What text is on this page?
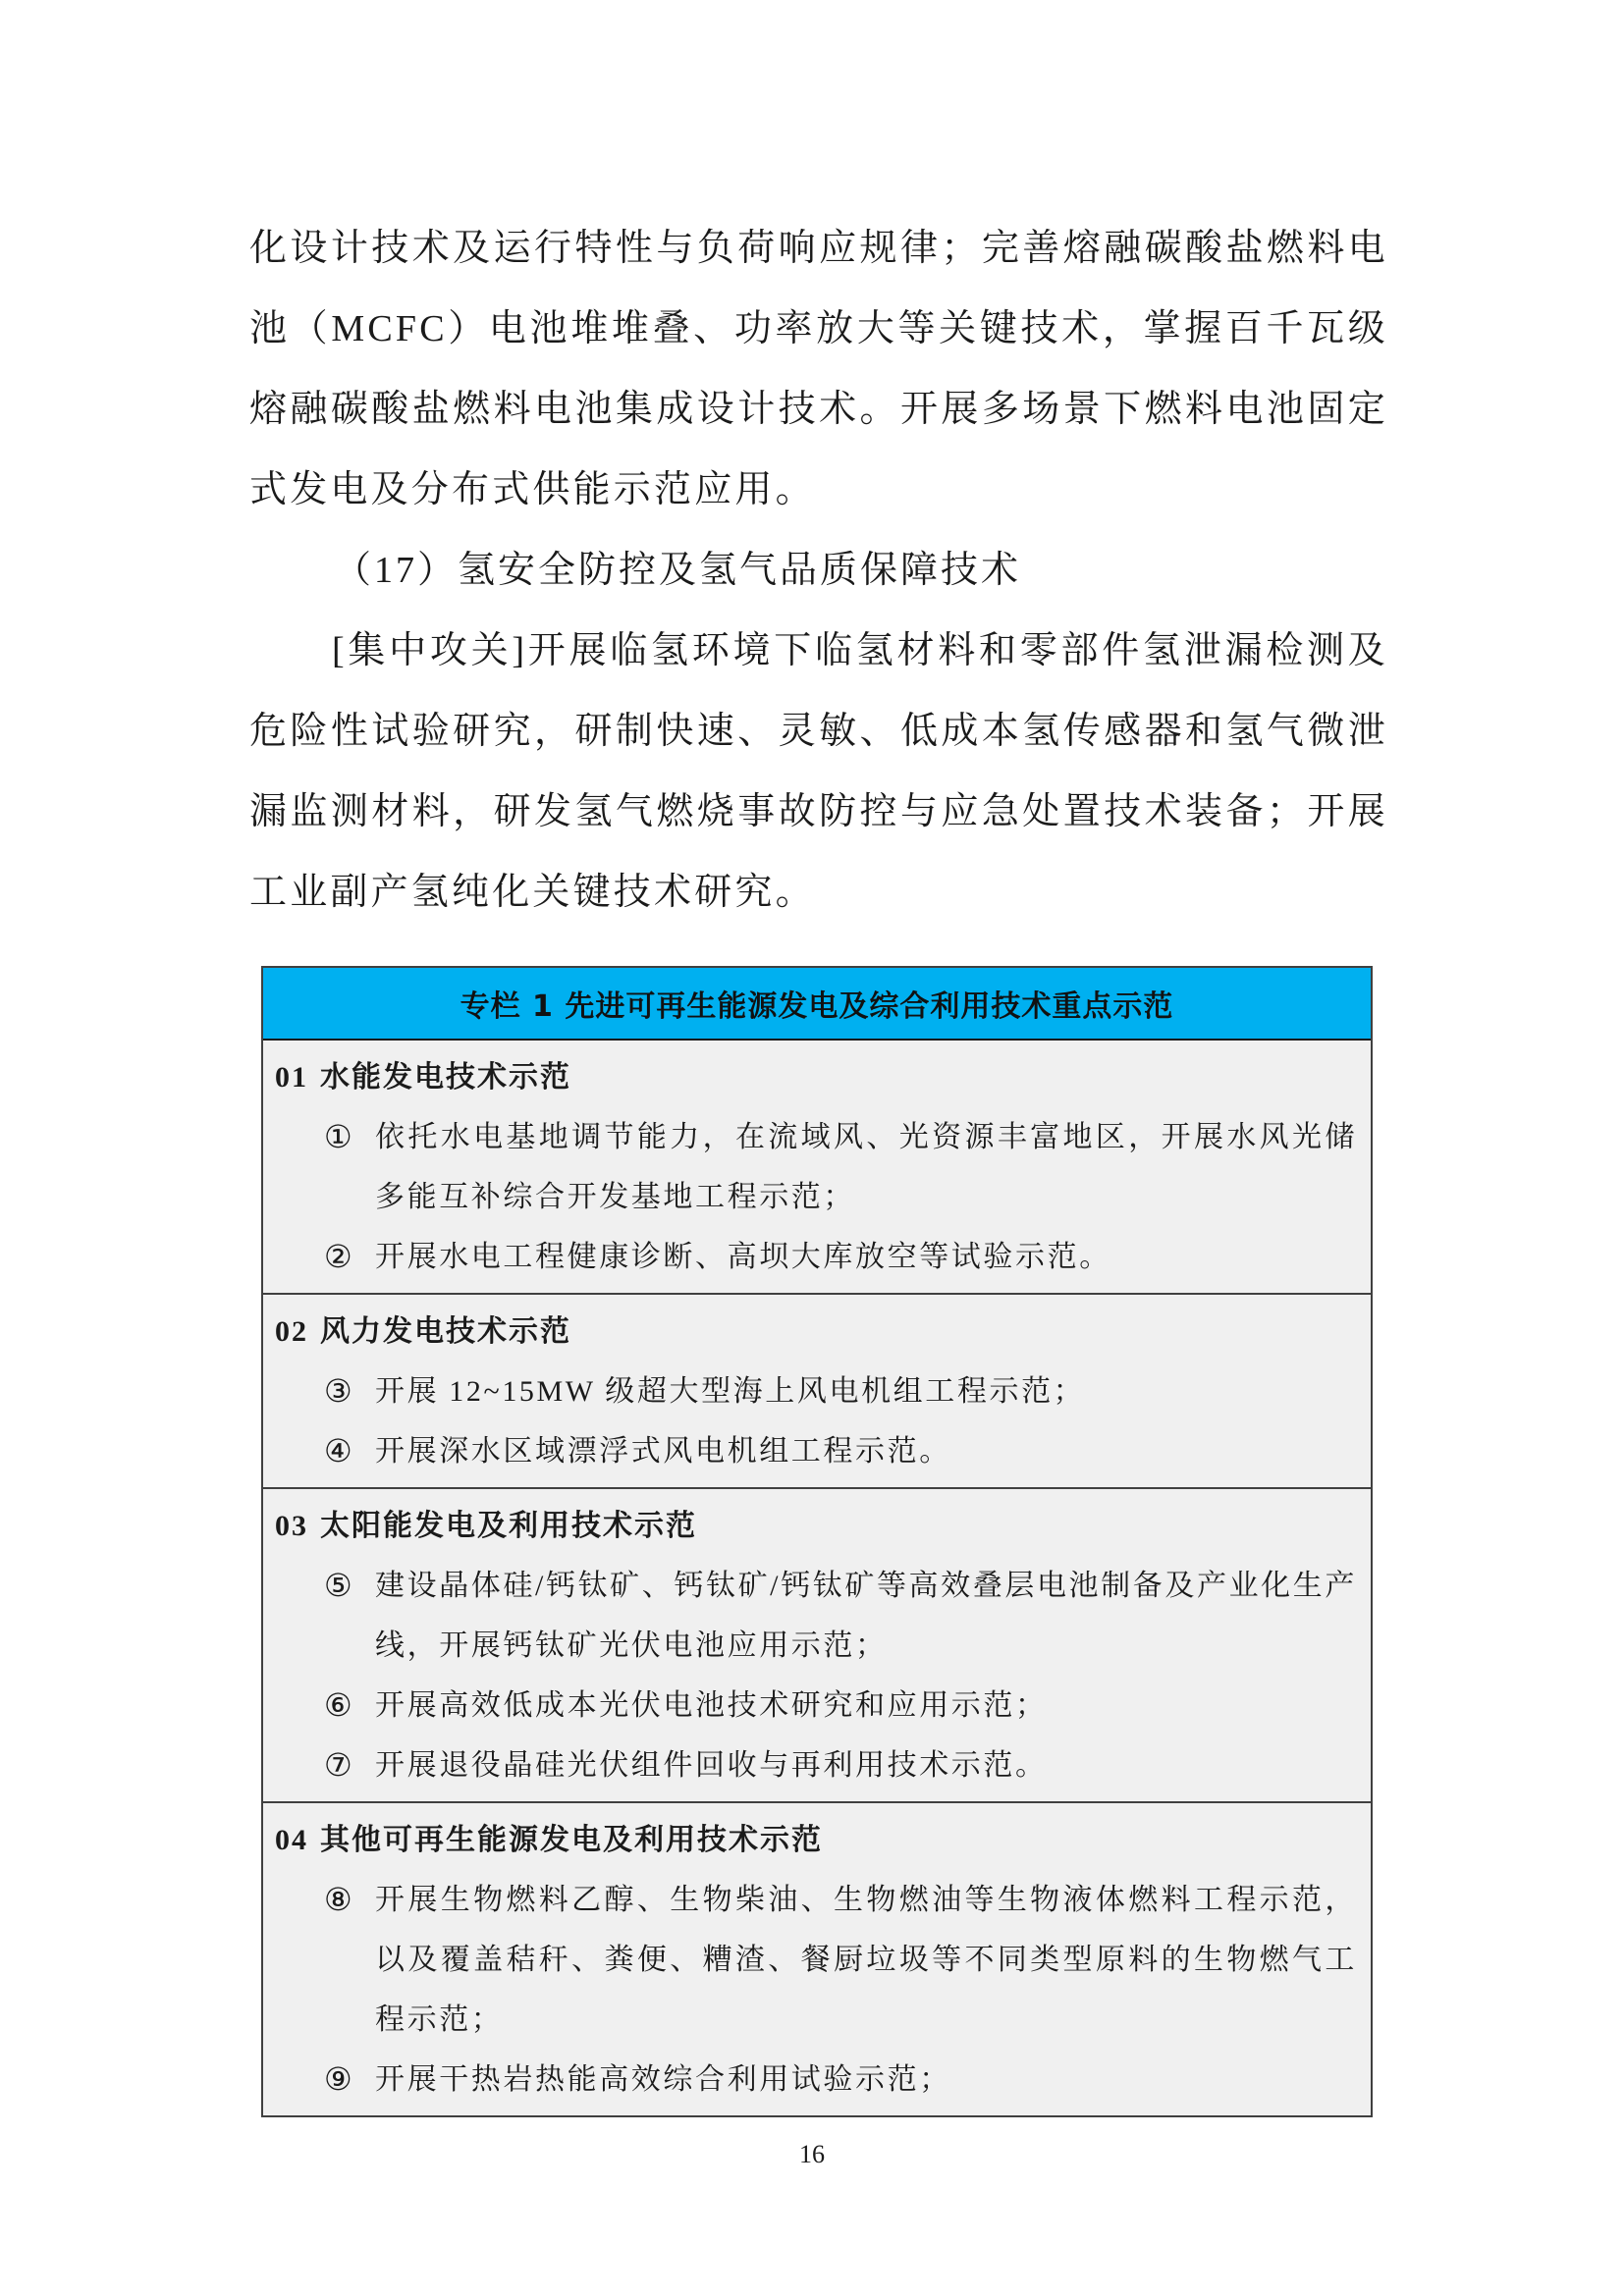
化设计技术及运行特性与负荷响应规律；完善熔融碳酸盐燃料电池（MCFC）电池堆堆叠、功率放大等关键技术，掌握百千瓦级熔融碳酸盐燃料电池集成设计技术。开展多场景下燃料电池固定式发电及分布式供能示范应用。

（17）氢安全防控及氢气品质保障技术

[集中攻关]开展临氢环境下临氢材料和零部件氢泄漏检测及危险性试验研究，研制快速、灵敏、低成本氢传感器和氢气微泄漏监测材料，研发氢气燃烧事故防控与应急处置技术装备；开展工业副产氢纯化关键技术研究。

专栏 1 先进可再生能源发电及综合利用技术重点示范
01 水能发电技术示范
① 依托水电基地调节能力，在流域风、光资源丰富地区，开展水风光储多能互补综合开发基地工程示范；
② 开展水电工程健康诊断、高坝大库放空等试验示范。
02 风力发电技术示范
③ 开展 12~15MW 级超大型海上风电机组工程示范；
④ 开展深水区域漂浮式风电机组工程示范。
03 太阳能发电及利用技术示范
⑤ 建设晶体硅/钙钛矿、钙钛矿/钙钛矿等高效叠层电池制备及产业化生产线，开展钙钛矿光伏电池应用示范；
⑥ 开展高效低成本光伏电池技术研究和应用示范；
⑦ 开展退役晶硅光伏组件回收与再利用技术示范。
04 其他可再生能源发电及利用技术示范
⑧ 开展生物燃料乙醇、生物柴油、生物燃油等生物液体燃料工程示范，以及覆盖秸秆、粪便、糟渣、餐厨垃圾等不同类型原料的生物燃气工程示范；
⑨ 开展干热岩热能高效综合利用试验示范；
16
